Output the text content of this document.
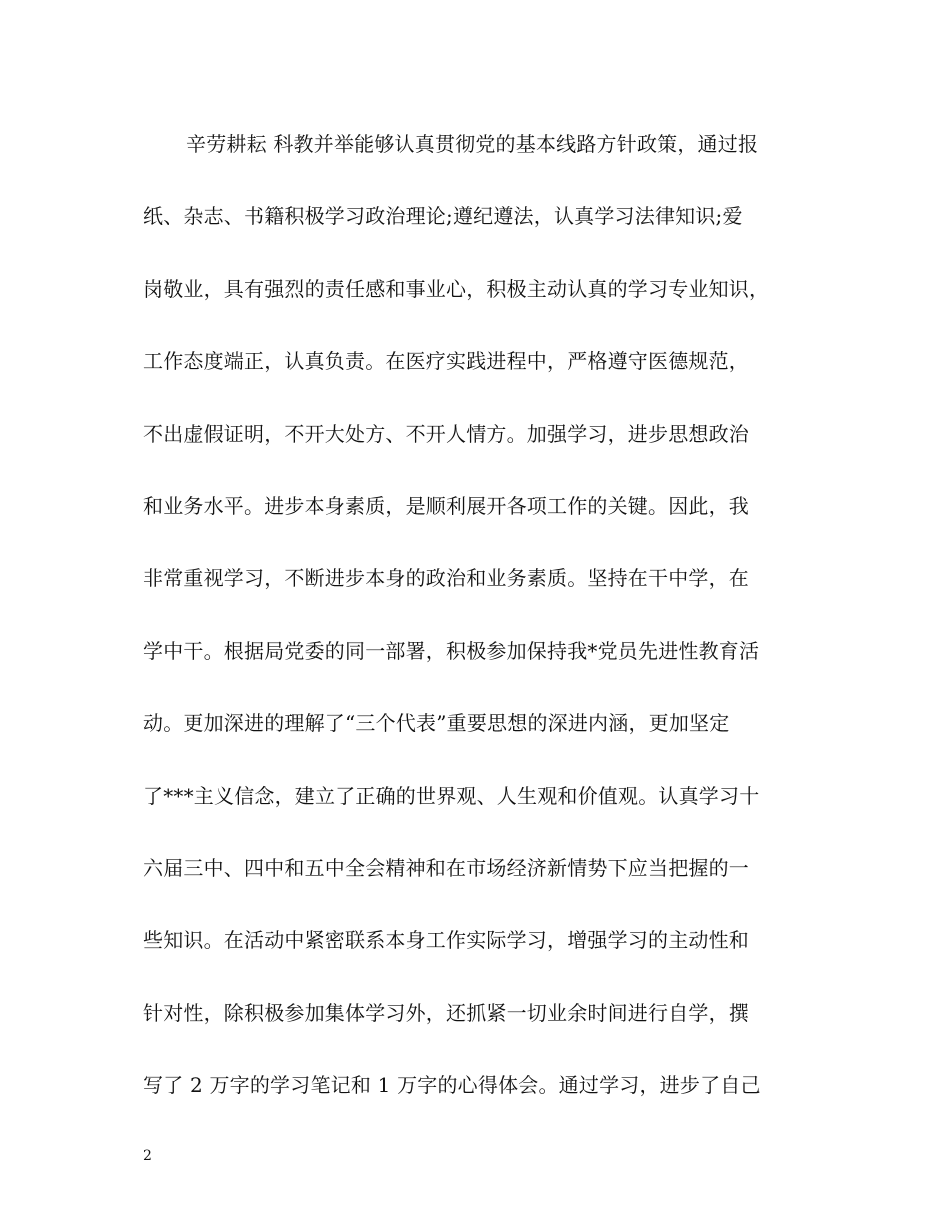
辛劳耕耘 科教并举能够认真贯彻党的基本线路方针政策，通过报
纸、杂志、书籍积极学习政治理论;遵纪遵法，认真学习法律知识;爱
岗敬业，具有强烈的责任感和事业心，积极主动认真的学习专业知识，
工作态度端正，认真负责。在医疗实践进程中，严格遵守医德规范，
不出虚假证明，不开大处方、不开人情方。加强学习，进步思想政治
和业务水平。进步本身素质，是顺利展开各项工作的关键。因此，我
非常重视学习，不断进步本身的政治和业务素质。坚持在干中学，在
学中干。根据局党委的同一部署，积极参加保持我*党员先进性教育活
动。更加深进的理解了“三个代表”重要思想的深进内涵，更加坚定
了***主义信念，建立了正确的世界观、人生观和价值观。认真学习十
六届三中、四中和五中全会精神和在市场经济新情势下应当把握的一
些知识。在活动中紧密联系本身工作实际学习，增强学习的主动性和
针对性，除积极参加集体学习外，还抓紧一切业余时间进行自学，撰
写了 2 万字的学习笔记和 1 万字的心得体会。通过学习，进步了自己
2
